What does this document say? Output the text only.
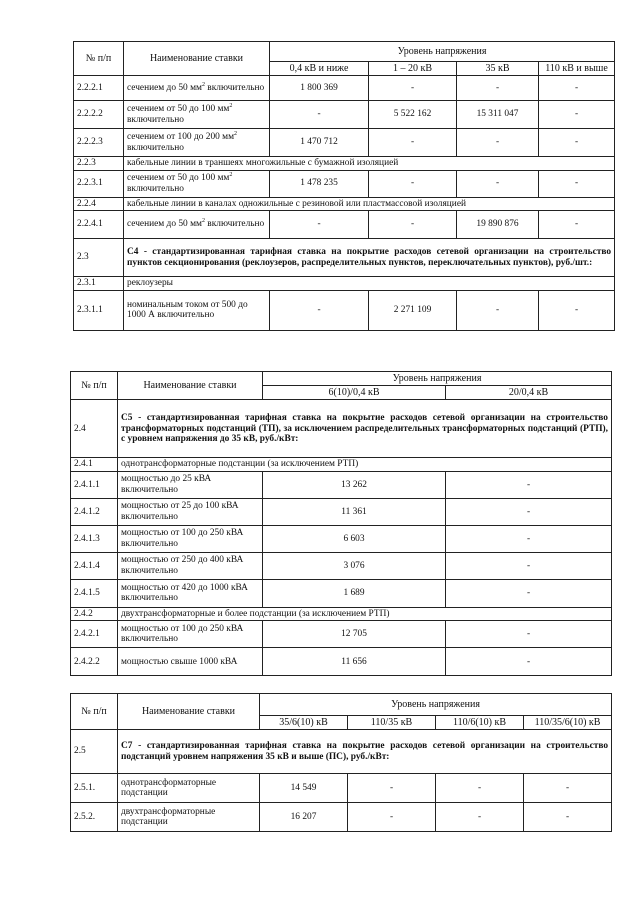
№ п/п	Наименование ставки	Уровень напряжения			
		0,4 кВ и ниже	1 – 20 кВ	35 кВ	110 кВ и выше
2.2.2.1	сечением до 50 $мм^2$ включительно	1 800 369	-	-	-
2.2.2.2	сечением от 50 до 100 $мм^2$ включительно	-	5 522 162	15 311 047	-
2.2.2.3	сечением от 100 до 200 $мм^2$ включительно	1 470 712	-	-	-
2.2.3	кабельные линии в траншеях многожильные с бумажной изоляцией				
2.2.3.1	сечением от 50 до 100 $мм^2$ включительно	1 478 235	-	-	-
2.2.4	кабельные линии в каналах одножильные с резиновой или пластмассовой изоляцией				
2.2.4.1	сечением до 50 $мм^2$ включительно	-	-	19 890 876	-
2.3	С4 - стандартизированная тарифная ставка на покрытие расходов сетевой организации на строительство пунктов секционирования (реклоузеров, распределительных пунктов, переключательных пунктов), руб./шт.:				
2.3.1	реклоузеры				
2.3.1.1	номинальным током от 500 до 1000 А включительно	-	2 271 109	-	-
№ п/п	Наименование ставки	Уровень напряжения	
		6(10)/0,4 кВ	20/0,4 кВ
2.4	С5 - стандартизированная тарифная ставка на покрытие расходов сетевой организации на строительство трансформаторных подстанций (ТП), за исключением распределительных трансформаторных подстанций (РТП), с уровнем напряжения до 35 кВ, руб./кВт:		
2.4.1	однотрансформаторные подстанции (за исключением РТП)		
2.4.1.1	мощностью до 25 кВА включительно	13 262	-
2.4.1.2	мощностью от 25 до 100 кВА включительно	11 361	-
2.4.1.3	мощностью от 100 до 250 кВА включительно	6 603	-
2.4.1.4	мощностью от 250 до 400 кВА включительно	3 076	-
2.4.1.5	мощностью от 420 до 1000 кВА включительно	1 689	-
2.4.2	двухтрансформаторные и более подстанции (за исключением РТП)		
2.4.2.1	мощностью от 100 до 250 кВА включительно	12 705	-
2.4.2.2	мощностью свыше 1000 кВА	11 656	-
№ п/п	Наименование ставки	Уровень напряжения			
		35/6(10) кВ	110/35 кВ	110/6(10) кВ	110/35/6(10) кВ
2.5	С7 - стандартизированная тарифная ставка на покрытие расходов сетевой организации на строительство подстанций уровнем напряжения 35 кВ и выше (ПС), руб./кВт:				
2.5.1.	однотрансформаторные подстанции	14 549	-	-	-
2.5.2.	двухтрансформаторные подстанции	16 207	-	-	-
